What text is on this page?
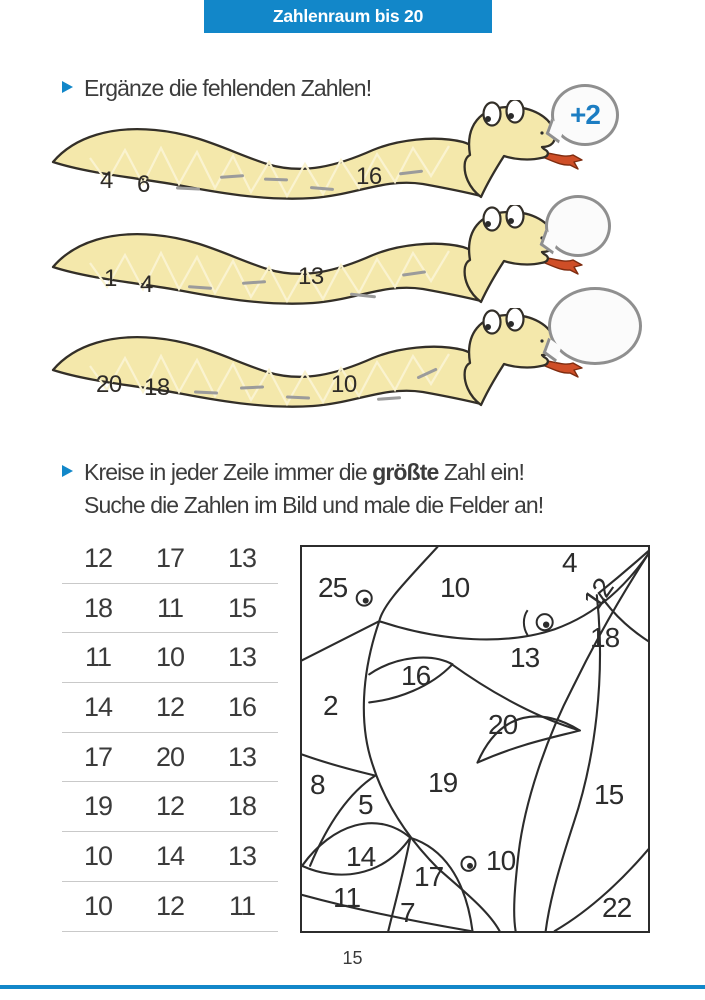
Zahlenraum bis 20
Ergänze die fehlenden Zahlen!
4 6	16
1 4	13
20 18	10
+2
Kreise in jeder Zeile immer die größte Zahl ein!
Suche die Zahlen im Bild und male die Felder an!
12	17	13
18	11	15
11	10	13
14	12	16
17	20	13
19	12	18
10	14	13
10	12	11
25	10
4
12
18
13
16
2
20
8
5
19	15
14
17
10
11 7	22
15
